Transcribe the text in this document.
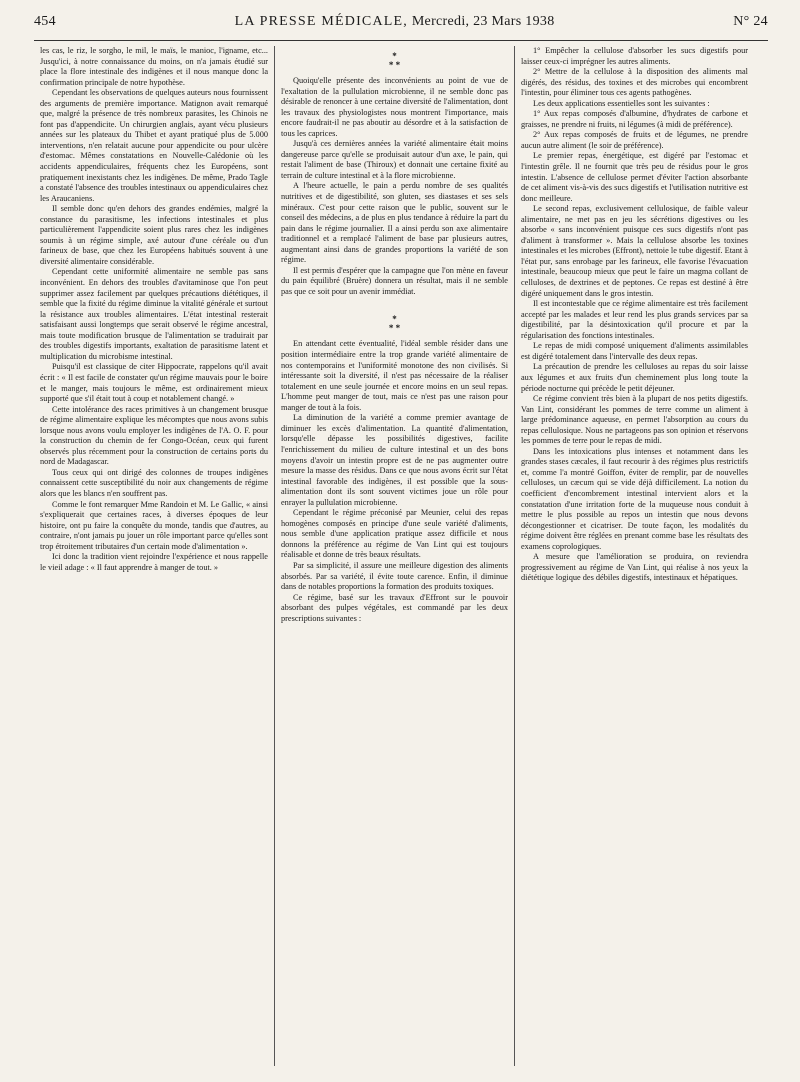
454	LA PRESSE MÉDICALE, Mercredi, 23 Mars 1938	N° 24

les cas, le riz, le sorgho, le mil, le maïs, le manioc, l'igname, etc... Jusqu'ici, à notre connaissance du moins, on n'a jamais étudié sur place la flore intestinale des indigènes et il nous manque donc la confirmation principale de notre hypothèse.

Cependant les observations de quelques auteurs nous fournissent des arguments de première importance. Matignon avait remarqué que, malgré la présence de très nombreux parasites, les Chinois ne font pas d'appendicite. Un chirurgien anglais, ayant vécu plusieurs années sur les plateaux du Thibet et ayant pratiqué plus de 5.000 interventions, n'en relatait aucune pour appendicite ou pour ulcère d'estomac. Mêmes constatations en Nouvelle-Calédonie où les accidents appendiculaires, fréquents chez les Européens, sont pratiquement inexistants chez les indigènes. De même, Prado Tagle a constaté l'absence des troubles intestinaux ou appendiculaires chez les Araucaniens.

Il semble donc qu'en dehors des grandes endémies, malgré la constance du parasitisme, les infections intestinales et plus particulièrement l'appendicite soient plus rares chez les indigènes soumis à un régime simple, axé autour d'une céréale ou d'un farineux de base, que chez les Européens habitués souvent à une diversité alimentaire considérable.

Cependant cette uniformité alimentaire ne semble pas sans inconvénient. En dehors des troubles d'avitaminose que l'on peut supprimer assez facilement par quelques précautions diététiques, il semble que la fixité du régime diminue la vitalité générale et surtout la résistance aux troubles alimentaires. L'état intestinal resterait satisfaisant aussi longtemps que serait observé le régime ancestral, mais toute modification brusque de l'alimentation se traduirait par des troubles digestifs importants, exaltation de parasitisme latent et multiplication du microbisme intestinal.

Puisqu'il est classique de citer Hippocrate, rappelons qu'il avait écrit : « Il est facile de constater qu'un régime mauvais pour le boire et le manger, mais toujours le même, est ordinairement mieux supporté que s'il était tout à coup et notablement changé. »

Cette intolérance des races primitives à un changement brusque de régime alimentaire explique les mécomptes que nous avons subis lorsque nous avons voulu employer les indigènes de l'A. O. F. pour la construction du chemin de fer Congo-Océan, ceux qui furent observés plus récemment pour la construction de certains ports du nord de Madagascar.

Tous ceux qui ont dirigé des colonnes de troupes indigènes connaissent cette susceptibilité du noir aux changements de régime alors que les blancs n'en souffrent pas.

Comme le font remarquer Mme Randoin et M. Le Gallic, « ainsi s'expliquerait que certaines races, à diverses époques de leur histoire, ont pu faire la conquête du monde, tandis que d'autres, au contraire, n'ont jamais pu jouer un rôle important parce qu'elles sont trop étroitement tributaires d'un certain mode d'alimentation ».

Ici donc la tradition vient rejoindre l'expérience et nous rappelle le vieil adage : « Il faut apprendre à manger de tout. »

*
* *

Quoiqu'elle présente des inconvénients au point de vue de l'exaltation de la pullulation microbienne, il ne semble donc pas désirable de renoncer à une certaine diversité de l'alimentation, dont les travaux des physiologistes nous montrent l'importance, mais encore faudrait-il ne pas aboutir au désordre et à la satisfaction de tous les caprices.

Jusqu'à ces dernières années la variété alimentaire était moins dangereuse parce qu'elle se produisait autour d'un axe, le pain, qui restait l'aliment de base (Thiroux) et donnait une certaine fixité au terrain de culture intestinal et à la flore microbienne.

A l'heure actuelle, le pain a perdu nombre de ses qualités nutritives et de digestibilité, son gluten, ses diastases et ses sels minéraux. C'est pour cette raison que le public, souvent sur le conseil des médecins, a de plus en plus tendance à réduire la part du pain dans le régime journalier. Il a ainsi perdu son axe alimentaire traditionnel et a remplacé l'aliment de base par plusieurs autres, augmentant ainsi dans de grandes proportions la variété de son régime.

Il est permis d'espérer que la campagne que l'on mène en faveur du pain équilibré (Bruère) donnera un résultat, mais il ne semble pas que ce soit pour un avenir immédiat.

*
* *

En attendant cette éventualité, l'idéal semble résider dans une position intermédiaire entre la trop grande variété alimentaire de nos contemporains et l'uniformité monotone des non civilisés. Si intéressante soit la diversité, il n'est pas nécessaire de la réaliser totalement en une seule journée et encore moins en un seul repas. L'homme peut manger de tout, mais ce n'est pas une raison pour manger de tout à la fois.

La diminution de la variété a comme premier avantage de diminuer les excès d'alimentation. La quantité d'alimentation, lorsqu'elle dépasse les possibilités digestives, facilite l'enrichissement du milieu de culture intestinal et un des bons moyens d'avoir un intestin propre est de ne pas augmenter outre mesure la masse des résidus. Dans ce que nous avons écrit sur l'état intestinal favorable des indigènes, il est possible que la sous-alimentation dont ils sont souvent victimes joue un rôle pour enrayer la pullulation microbienne.

Cependant le régime préconisé par Meunier, celui des repas homogènes composés en principe d'une seule variété d'aliments, nous semble d'une application pratique assez difficile et nous donnons la préférence au régime de Van Lint qui est toujours réalisable et donne de très beaux résultats.

Par sa simplicité, il assure une meilleure digestion des aliments absorbés. Par sa variété, il évite toute carence. Enfin, il diminue dans de notables proportions la formation des produits toxiques.

Ce régime, basé sur les travaux d'Effront sur le pouvoir absorbant des pulpes végétales, est commandé par les deux prescriptions suivantes :

1° Empêcher la cellulose d'absorber les sucs digestifs pour laisser ceux-ci imprégner les autres aliments.

2° Mettre de la cellulose à la disposition des aliments mal digérés, des résidus, des toxines et des microbes qui encombrent l'intestin, pour éliminer tous ces agents pathogènes.

Les deux applications essentielles sont les suivantes :

1° Aux repas composés d'albumine, d'hydrates de carbone et graisses, ne prendre ni fruits, ni légumes (à midi de préférence).

2° Aux repas composés de fruits et de légumes, ne prendre aucun autre aliment (le soir de préférence).

Le premier repas, énergétique, est digéré par l'estomac et l'intestin grêle. Il ne fournit que très peu de résidus pour le gros intestin. L'absence de cellulose permet d'éviter l'action absorbante de cet aliment vis-à-vis des sucs digestifs et l'utilisation nutritive est donc meilleure.

Le second repas, exclusivement cellulosique, de faible valeur alimentaire, ne met pas en jeu les sécrétions digestives ou les absorbe « sans inconvénient puisque ces sucs digestifs n'ont pas d'aliment à transformer ». Mais la cellulose absorbe les toxines intestinales et les microbes (Effront), nettoie le tube digestif. Etant à l'état pur, sans enrobage par les farineux, elle favorise l'évacuation intestinale, beaucoup mieux que peut le faire un magma collant de celluloses, de dextrines et de peptones. Ce repas est destiné à être digéré uniquement dans le gros intestin.

Il est incontestable que ce régime alimentaire est très facilement accepté par les malades et leur rend les plus grands services par sa digestibilité, par la désintoxication qu'il procure et par la régularisation des fonctions intestinales.

Le repas de midi composé uniquement d'aliments assimilables est digéré totalement dans l'intervalle des deux repas.

La précaution de prendre les celluloses au repas du soir laisse aux légumes et aux fruits d'un cheminement plus long toute la période nocturne qui précède le petit déjeuner.

Ce régime convient très bien à la plupart de nos petits digestifs. Van Lint, considérant les pommes de terre comme un aliment à large prédominance aqueuse, en permet l'absorption au cours du repas cellulosique. Nous ne partageons pas son opinion et réservons les pommes de terre pour le repas de midi.

Dans les intoxications plus intenses et notamment dans les grandes stases cæcales, il faut recourir à des régimes plus restrictifs et, comme l'a montré Goiffon, éviter de remplir, par de nouvelles celluloses, un cæcum qui se vide déjà difficilement. La notion du coefficient d'encombrement intestinal intervient alors et la constatation d'une irritation forte de la muqueuse nous conduit à mettre le plus possible au repos un intestin que nous devons décongestionner et cicatriser. De toute façon, les modalités du régime doivent être réglées en prenant comme base les résultats des examens coprologiques.

A mesure que l'amélioration se produira, on reviendra progressivement au régime de Van Lint, qui réalise à nos yeux la diététique logique des débiles digestifs, intestinaux et hépatiques.
